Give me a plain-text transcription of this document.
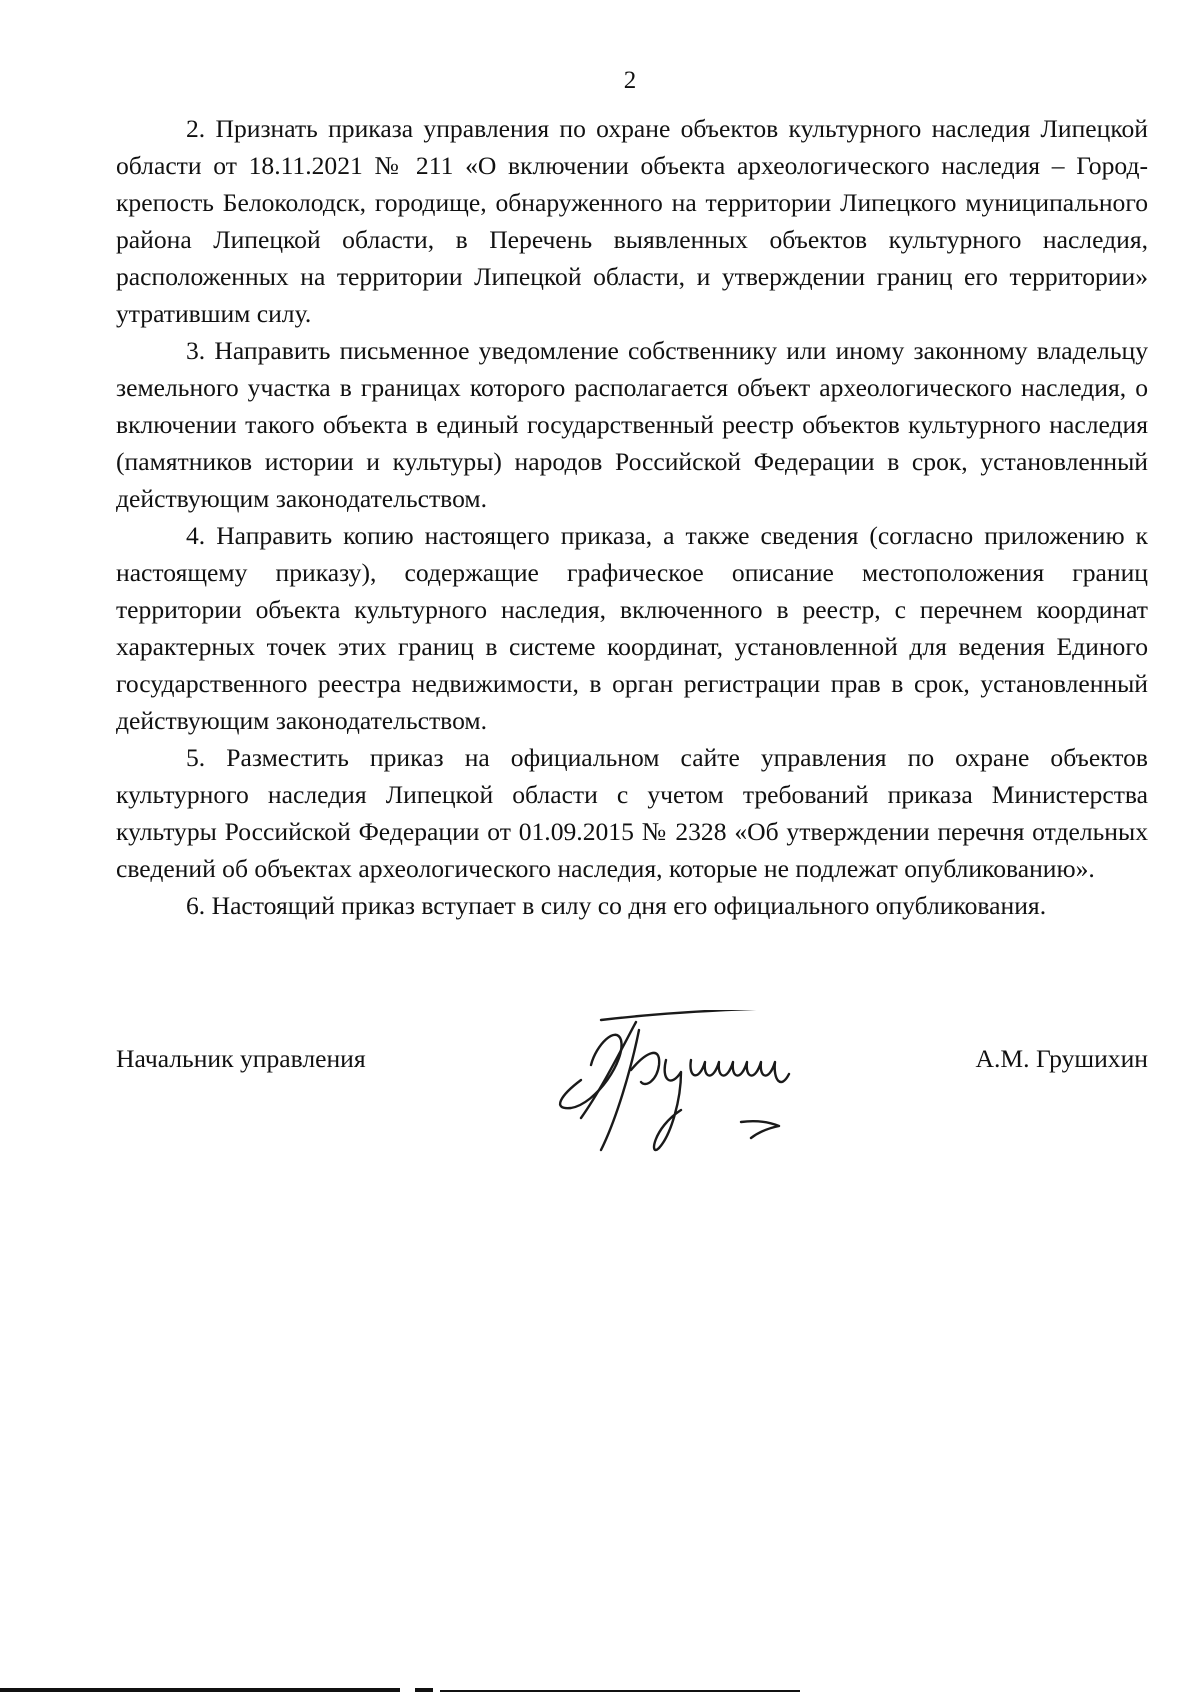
2

2. Признать приказа управления по охране объектов культурного наследия Липецкой области от 18.11.2021 № 211 «О включении объекта археологического наследия – Город-крепость Белоколодск, городище, обнаруженного на территории Липецкого муниципального района Липецкой области, в Перечень выявленных объектов культурного наследия, расположенных на территории Липецкой области, и утверждении границ его территории» утратившим силу.

3. Направить письменное уведомление собственнику или иному законному владельцу земельного участка в границах которого располагается объект археологического наследия, о включении такого объекта в единый государственный реестр объектов культурного наследия (памятников истории и культуры) народов Российской Федерации в срок, установленный действующим законодательством.

4. Направить копию настоящего приказа, а также сведения (согласно приложению к настоящему приказу), содержащие графическое описание местоположения границ территории объекта культурного наследия, включенного в реестр, с перечнем координат характерных точек этих границ в системе координат, установленной для ведения Единого государственного реестра недвижимости, в орган регистрации прав в срок, установленный действующим законодательством.

5. Разместить приказ на официальном сайте управления по охране объектов культурного наследия Липецкой области с учетом требований приказа Министерства культуры Российской Федерации от 01.09.2015 № 2328 «Об утверждении перечня отдельных сведений об объектах археологического наследия, которые не подлежат опубликованию».

6. Настоящий приказ вступает в силу со дня его официального опубликования.

Начальник управления	А.М. Грушихин
